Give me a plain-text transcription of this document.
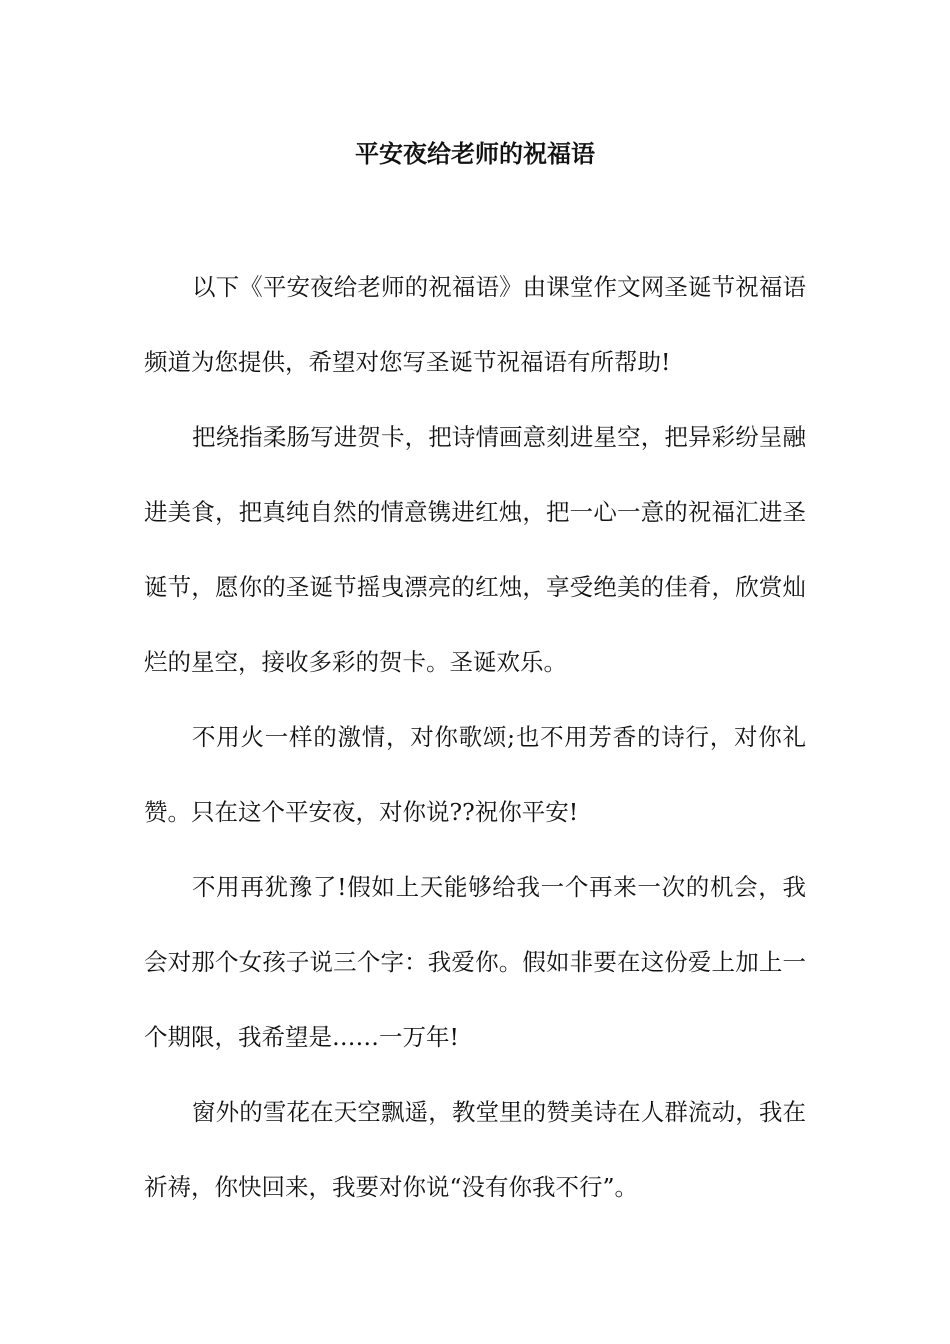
平安夜给老师的祝福语

以下《平安夜给老师的祝福语》由课堂作文网圣诞节祝福语频道为您提供，希望对您写圣诞节祝福语有所帮助!

把绕指柔肠写进贺卡，把诗情画意刻进星空，把异彩纷呈融进美食，把真纯自然的情意镌进红烛，把一心一意的祝福汇进圣诞节，愿你的圣诞节摇曳漂亮的红烛，享受绝美的佳肴，欣赏灿烂的星空，接收多彩的贺卡。圣诞欢乐。

不用火一样的激情，对你歌颂;也不用芳香的诗行，对你礼赞。只在这个平安夜，对你说??祝你平安!

不用再犹豫了!假如上天能够给我一个再来一次的机会，我会对那个女孩子说三个字：我爱你。假如非要在这份爱上加上一个期限，我希望是……一万年!

窗外的雪花在天空飘遥，教堂里的赞美诗在人群流动，我在祈祷，你快回来，我要对你说“没有你我不行”。
